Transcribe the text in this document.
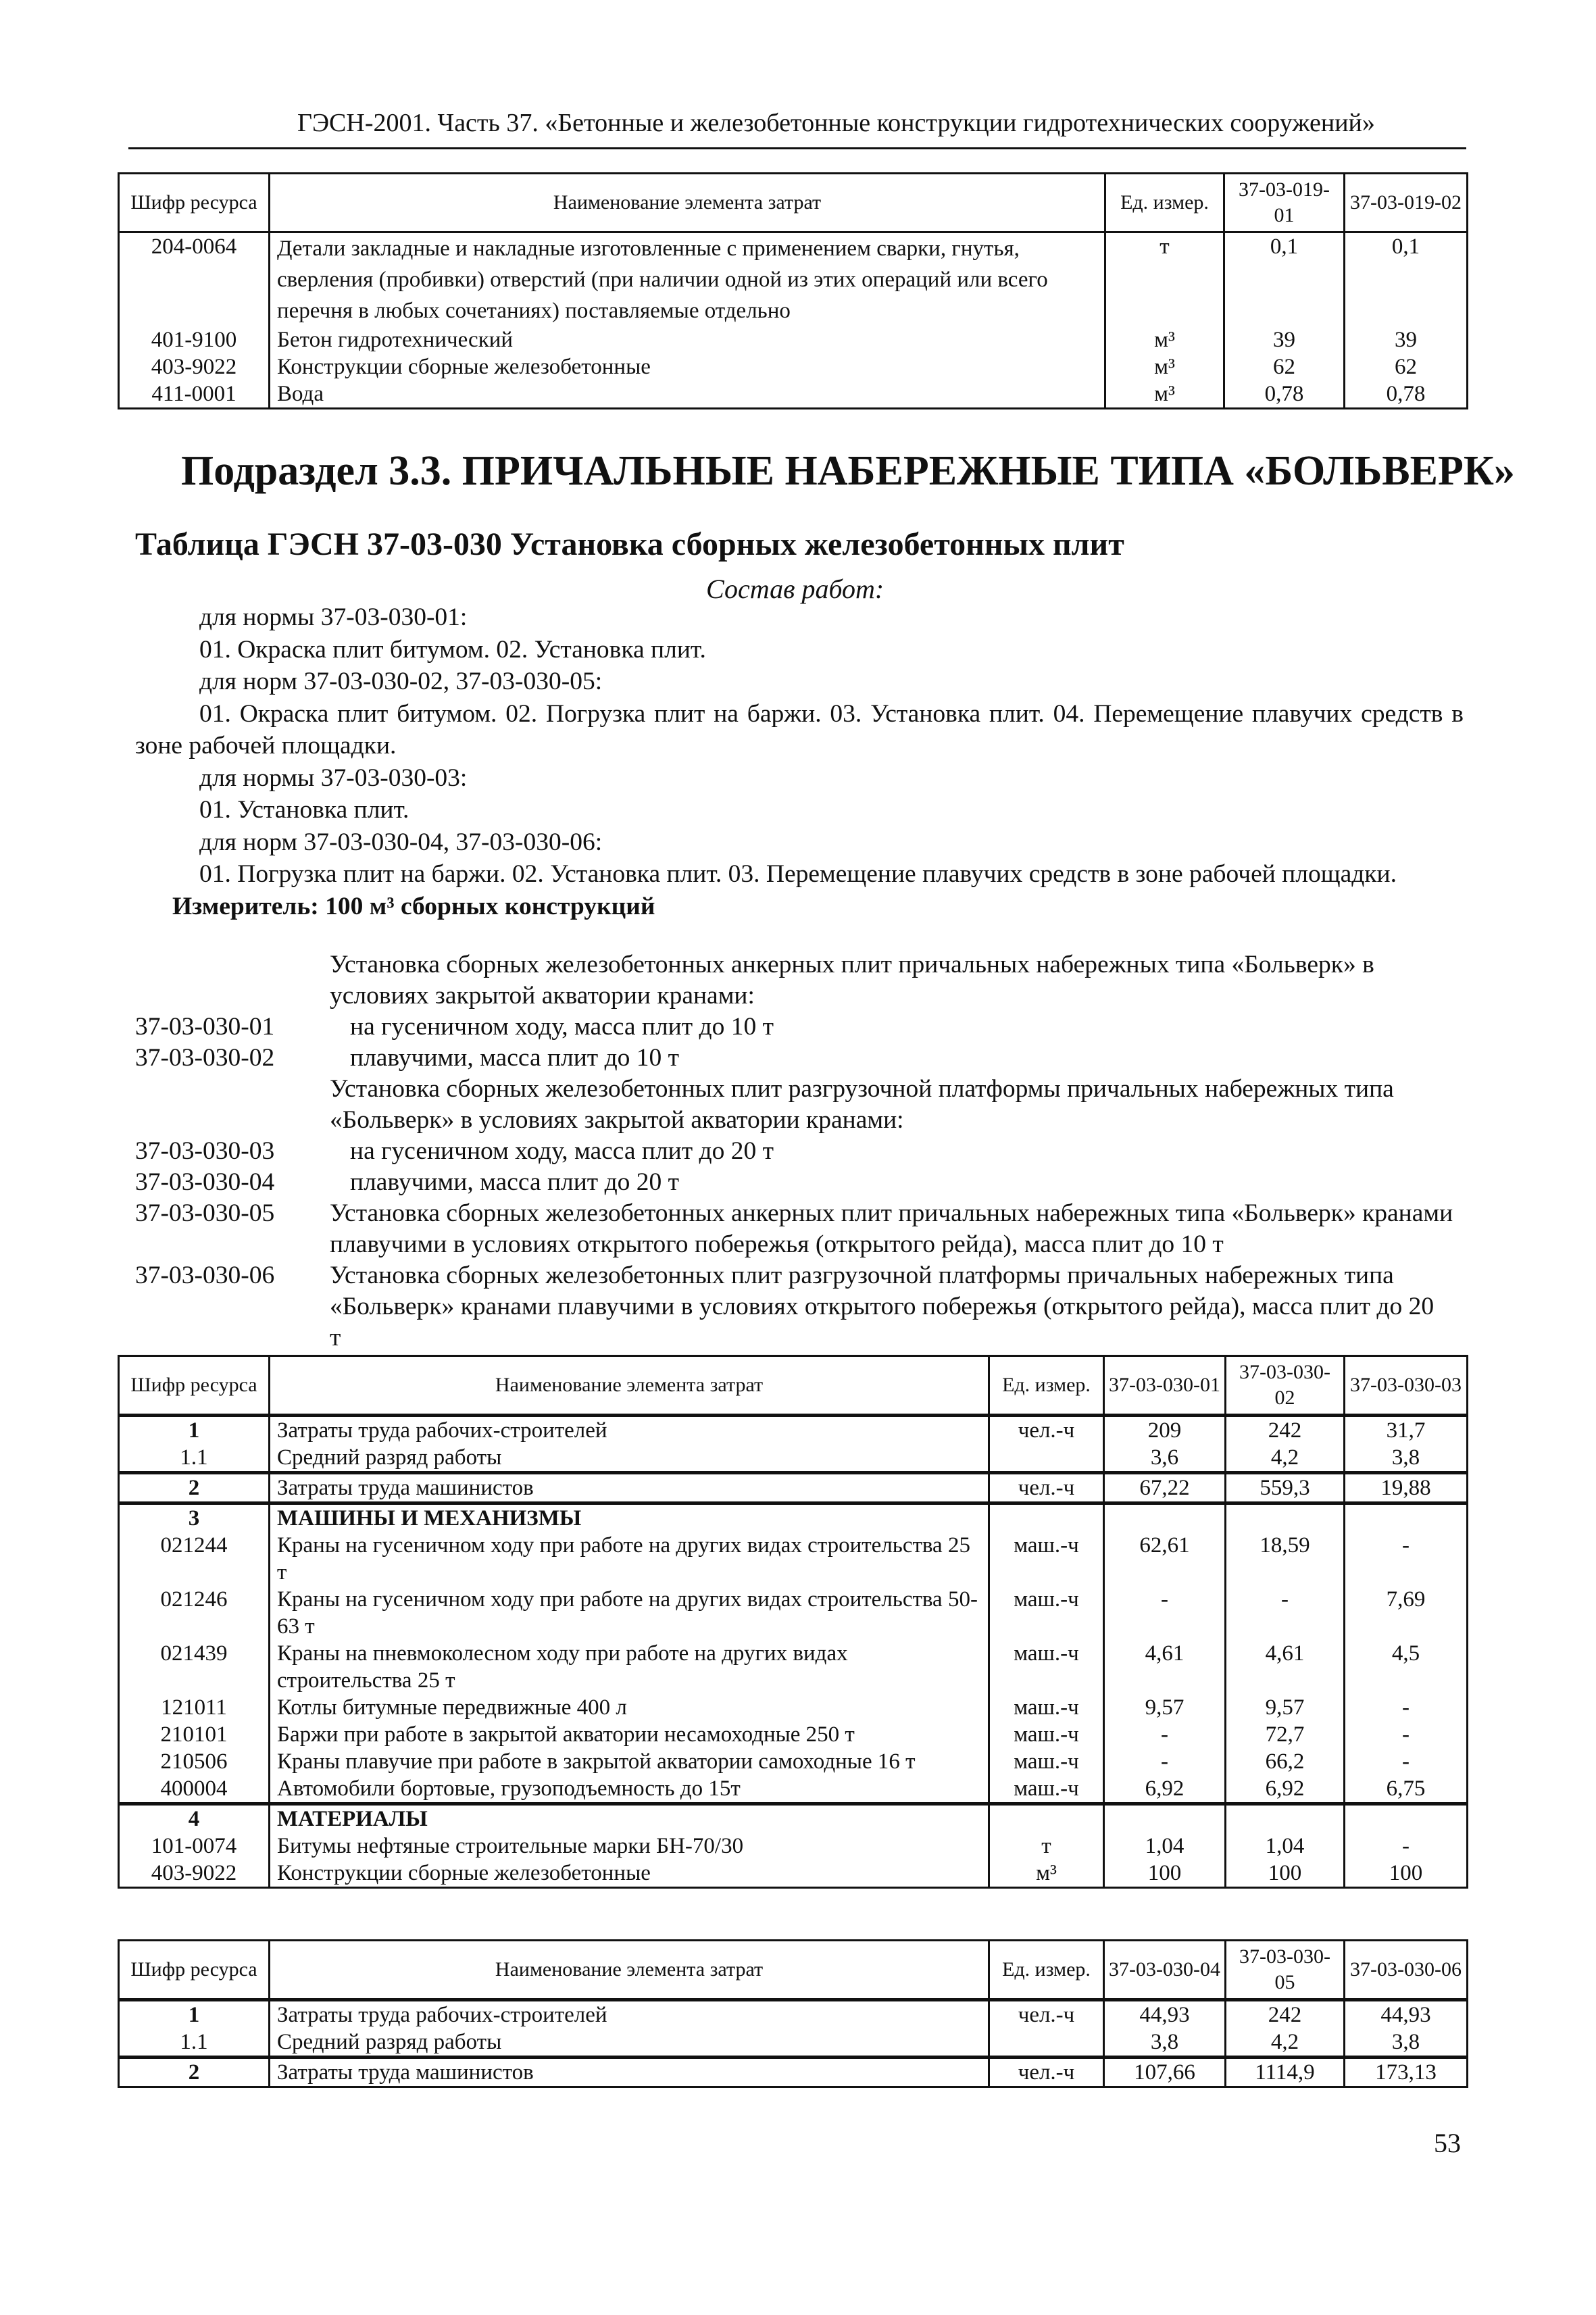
ГЭСН-2001. Часть 37. «Бетонные и железобетонные конструкции гидротехнических сооружений»
Шифр ресурса	Наименование элемента затрат	Ед. измер.	37-03-019-01	37-03-019-02
204-0064	Детали закладные и накладные изготовленные с применением сварки, гнутья, сверления (пробивки) отверстий (при наличии одной из этих операций или всего перечня в любых сочетаниях) поставляемые отдельно	т	0,1	0,1
401-9100	Бетон гидротехнический	м³	39	39
403-9022	Конструкции сборные железобетонные	м³	62	62
411-0001	Вода	м³	0,78	0,78
Подраздел 3.3. ПРИЧАЛЬНЫЕ НАБЕРЕЖНЫЕ ТИПА «БОЛЬВЕРК»
Таблица ГЭСН 37-03-030 Установка сборных железобетонных плит
Состав работ:

для нормы 37-03-030-01:

01. Окраска плит битумом. 02. Установка плит.

для норм 37-03-030-02, 37-03-030-05:

01. Окраска плит битумом. 02. Погрузка плит на баржи. 03. Установка плит. 04. Перемещение плавучих средств в зоне рабочей площадки.

для нормы 37-03-030-03:

01. Установка плит.

для норм 37-03-030-04, 37-03-030-06:

01. Погрузка плит на баржи. 02. Установка плит. 03. Перемещение плавучих средств в зоне рабочей площадки.

Измеритель: 100 м³ сборных конструкций

Установка сборных железобетонных анкерных плит причальных набережных типа «Больверк» в условиях закрытой акватории кранами:

37-03-030-01	на гусеничном ходу, масса плит до 10 т
37-03-030-02	плавучими, масса плит до 10 т

Установка сборных железобетонных плит разгрузочной платформы причальных набережных типа «Больверк» в условиях закрытой акватории кранами:

37-03-030-03	на гусеничном ходу, масса плит до 20 т
37-03-030-04	плавучими, масса плит до 20 т
37-03-030-05	Установка сборных железобетонных анкерных плит причальных набережных типа «Больверк» кранами плавучими в условиях открытого побережья (открытого рейда), масса плит до 10 т
37-03-030-06	Установка сборных железобетонных плит разгрузочной платформы причальных набережных типа «Больверк» кранами плавучими в условиях открытого побережья (открытого рейда), масса плит до 20 т
Шифр ресурса	Наименование элемента затрат	Ед. измер.	37-03-030-01	37-03-030-02	37-03-030-03
1	Затраты труда рабочих-строителей	чел.-ч	209	242	31,7
1.1	Средний разряд работы		3,6	4,2	3,8
2	Затраты труда машинистов	чел.-ч	67,22	559,3	19,88
3	МАШИНЫ И МЕХАНИЗМЫ				
021244	Краны на гусеничном ходу при работе на других видах строительства 25 т	маш.-ч	62,61	18,59	-
021246	Краны на гусеничном ходу при работе на других видах строительства 50-63 т	маш.-ч	-	-	7,69
021439	Краны на пневмоколесном ходу при работе на других видах строительства 25 т	маш.-ч	4,61	4,61	4,5
121011	Котлы битумные передвижные 400 л	маш.-ч	9,57	9,57	-
210101	Баржи при работе в закрытой акватории несамоходные 250 т	маш.-ч	-	72,7	-
210506	Краны плавучие при работе в закрытой акватории самоходные 16 т	маш.-ч	-	66,2	-
400004	Автомобили бортовые, грузоподъемность до 15т	маш.-ч	6,92	6,92	6,75
4	МАТЕРИАЛЫ				
101-0074	Битумы нефтяные строительные марки БН-70/30	т	1,04	1,04	-
403-9022	Конструкции сборные железобетонные	м³	100	100	100
Шифр ресурса	Наименование элемента затрат	Ед. измер.	37-03-030-04	37-03-030-05	37-03-030-06
1	Затраты труда рабочих-строителей	чел.-ч	44,93	242	44,93
1.1	Средний разряд работы		3,8	4,2	3,8
2	Затраты труда машинистов	чел.-ч	107,66	1114,9	173,13
53
